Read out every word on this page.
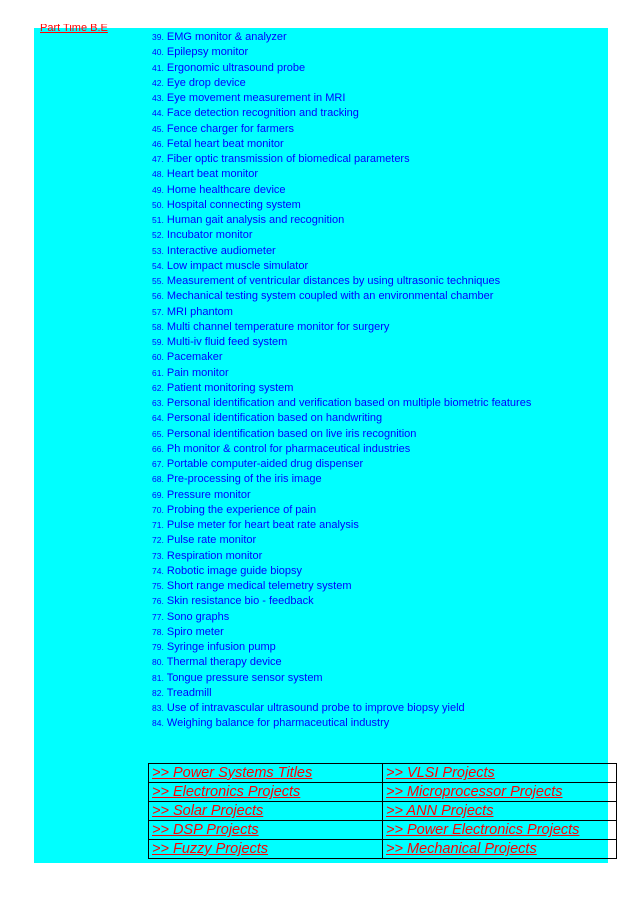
Part Time B.E
39. EMG monitor & analyzer
40. Epilepsy monitor
41. Ergonomic ultrasound probe
42. Eye drop device
43. Eye movement measurement in MRI
44. Face detection recognition and tracking
45. Fence charger for farmers
46. Fetal heart beat monitor
47. Fiber optic transmission of biomedical parameters
48. Heart beat monitor
49. Home healthcare device
50. Hospital connecting system
51. Human gait analysis and recognition
52. Incubator monitor
53. Interactive audiometer
54. Low impact muscle simulator
55. Measurement of ventricular distances by using ultrasonic techniques
56. Mechanical testing system coupled with an environmental chamber
57. MRI phantom
58. Multi channel temperature monitor for surgery
59. Multi-iv fluid feed system
60. Pacemaker
61. Pain monitor
62. Patient monitoring system
63. Personal identification and verification based on multiple biometric features
64. Personal identification based on handwriting
65. Personal identification based on live iris recognition
66. Ph monitor & control for pharmaceutical industries
67. Portable computer-aided drug dispenser
68. Pre-processing of the iris image
69. Pressure monitor
70. Probing the experience of pain
71. Pulse meter for heart beat rate analysis
72. Pulse rate monitor
73. Respiration monitor
74. Robotic image guide biopsy
75. Short range medical telemetry system
76. Skin resistance bio - feedback
77. Sono graphs
78. Spiro meter
79. Syringe infusion pump
80. Thermal therapy device
81. Tongue pressure sensor system
82. Treadmill
83. Use of intravascular ultrasound probe to improve biopsy yield
84. Weighing balance for pharmaceutical industry
>> Power Systems Titles	>> VLSI Projects
>> Electronics Projects	>> Microprocessor Projects
>> Solar Projects	>> ANN Projects
>> DSP Projects	>> Power Electronics Projects
>> Fuzzy Projects	>> Mechanical Projects
